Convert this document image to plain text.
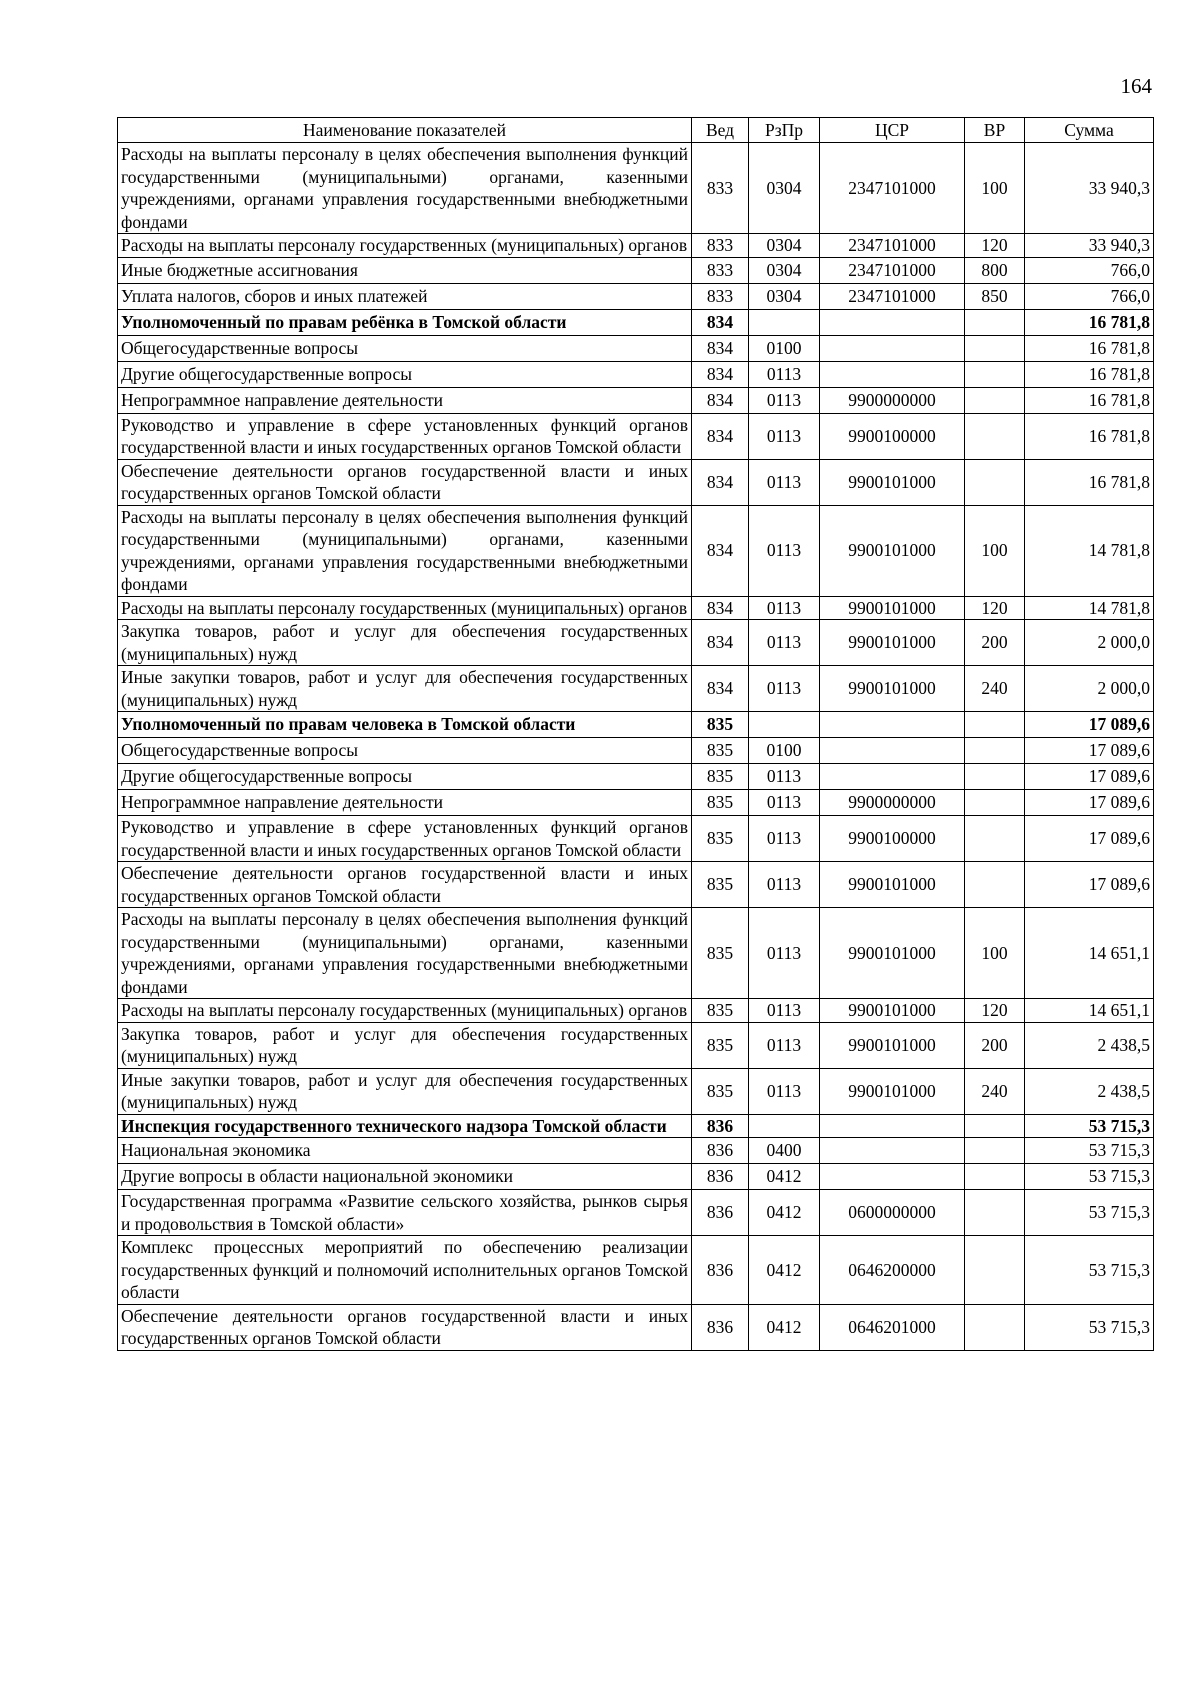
164
Наименование показателей	Вед	РзПр	ЦСР	ВР	Сумма
Расходы на выплаты персоналу в целях обеспечения выполнения функций государственными (муниципальными) органами, казенными учреждениями, органами управления государственными внебюджетными фондами	833	0304	2347101000	100	33 940,3
Расходы на выплаты персоналу государственных (муниципальных) органов	833	0304	2347101000	120	33 940,3
Иные бюджетные ассигнования	833	0304	2347101000	800	766,0
Уплата налогов, сборов и иных платежей	833	0304	2347101000	850	766,0
Уполномоченный по правам ребёнка в Томской области	834				16 781,8
Общегосударственные вопросы	834	0100			16 781,8
Другие общегосударственные вопросы	834	0113			16 781,8
Непрограммное направление деятельности	834	0113	9900000000		16 781,8
Руководство и управление в сфере установленных функций органов государственной власти и иных государственных органов Томской области	834	0113	9900100000		16 781,8
Обеспечение деятельности органов государственной власти и иных государственных органов Томской области	834	0113	9900101000		16 781,8
Расходы на выплаты персоналу в целях обеспечения выполнения функций государственными (муниципальными) органами, казенными учреждениями, органами управления государственными внебюджетными фондами	834	0113	9900101000	100	14 781,8
Расходы на выплаты персоналу государственных (муниципальных) органов	834	0113	9900101000	120	14 781,8
Закупка товаров, работ и услуг для обеспечения государственных (муниципальных) нужд	834	0113	9900101000	200	2 000,0
Иные закупки товаров, работ и услуг для обеспечения государственных (муниципальных) нужд	834	0113	9900101000	240	2 000,0
Уполномоченный по правам человека в Томской области	835				17 089,6
Общегосударственные вопросы	835	0100			17 089,6
Другие общегосударственные вопросы	835	0113			17 089,6
Непрограммное направление деятельности	835	0113	9900000000		17 089,6
Руководство и управление в сфере установленных функций органов государственной власти и иных государственных органов Томской области	835	0113	9900100000		17 089,6
Обеспечение деятельности органов государственной власти и иных государственных органов Томской области	835	0113	9900101000		17 089,6
Расходы на выплаты персоналу в целях обеспечения выполнения функций государственными (муниципальными) органами, казенными учреждениями, органами управления государственными внебюджетными фондами	835	0113	9900101000	100	14 651,1
Расходы на выплаты персоналу государственных (муниципальных) органов	835	0113	9900101000	120	14 651,1
Закупка товаров, работ и услуг для обеспечения государственных (муниципальных) нужд	835	0113	9900101000	200	2 438,5
Иные закупки товаров, работ и услуг для обеспечения государственных (муниципальных) нужд	835	0113	9900101000	240	2 438,5
Инспекция государственного технического надзора Томской области	836				53 715,3
Национальная экономика	836	0400			53 715,3
Другие вопросы в области национальной экономики	836	0412			53 715,3
Государственная программа «Развитие сельского хозяйства, рынков сырья и продовольствия в Томской области»	836	0412	0600000000		53 715,3
Комплекс процессных мероприятий по обеспечению реализации государственных функций и полномочий исполнительных органов Томской области	836	0412	0646200000		53 715,3
Обеспечение деятельности органов государственной власти и иных государственных органов Томской области	836	0412	0646201000		53 715,3
